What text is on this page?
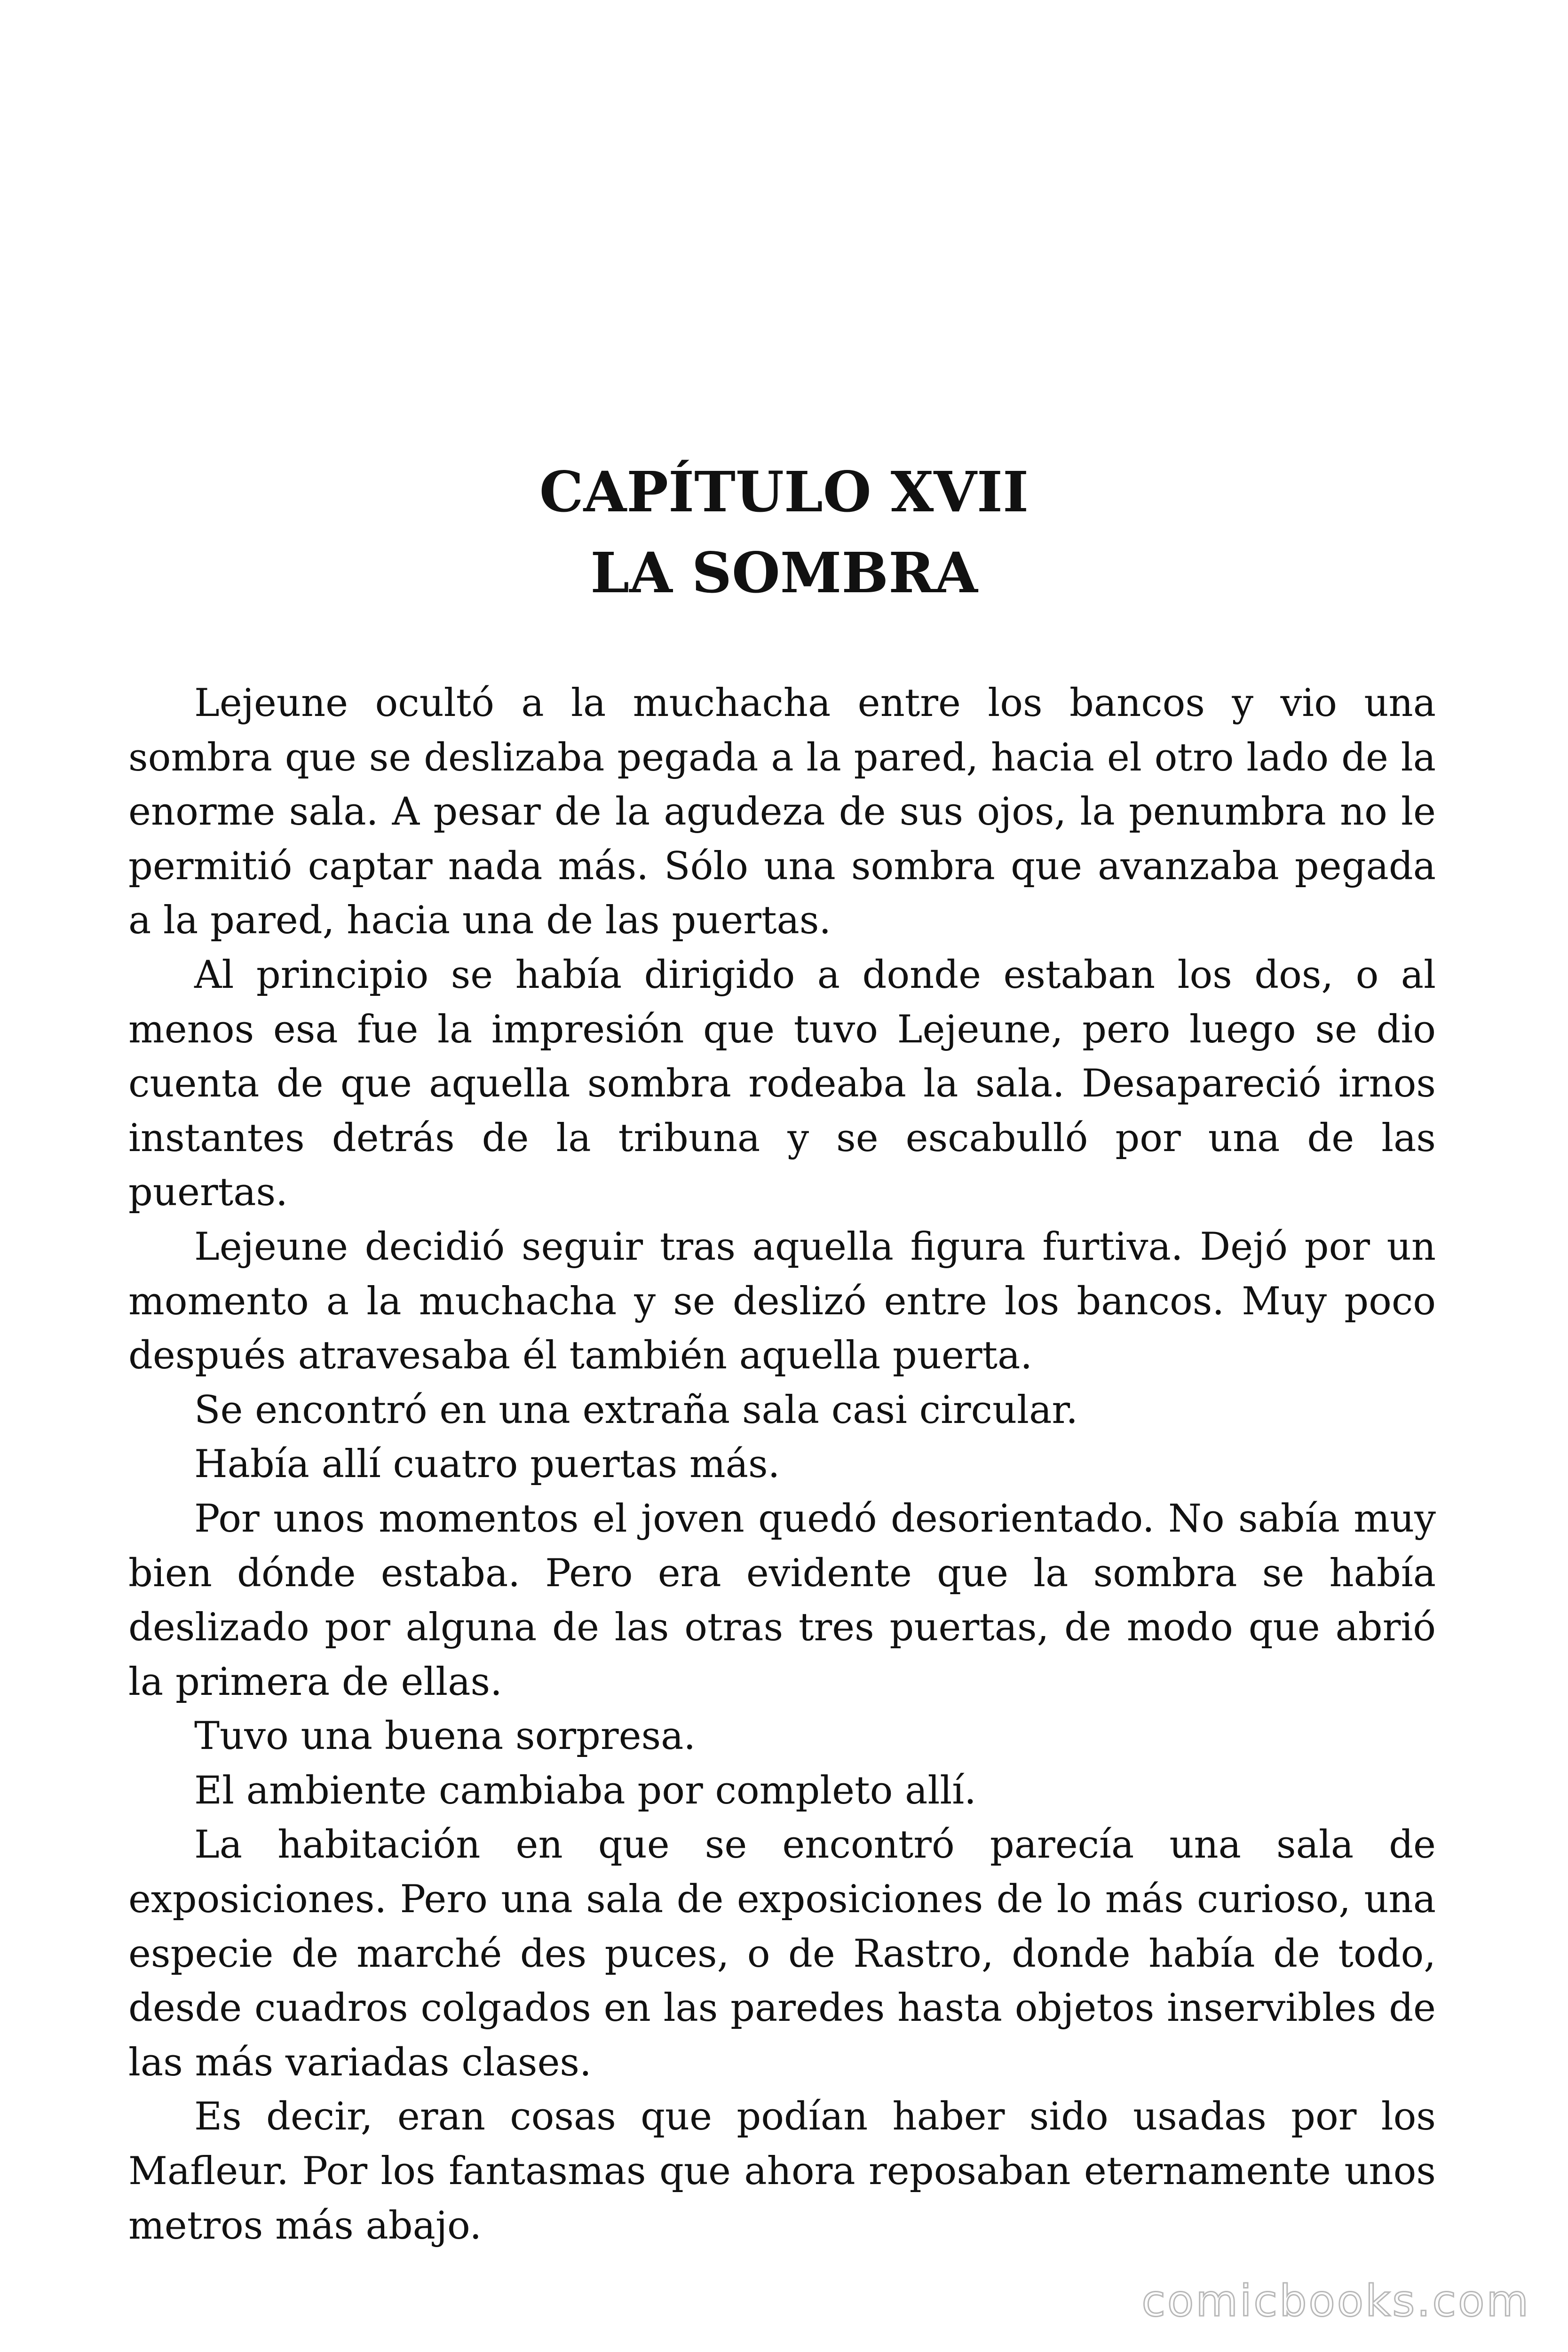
CAPÍTULO XVII
LA SOMBRA

Lejeune ocultó a la muchacha entre los bancos y vio una sombra que se deslizaba pegada a la pared, hacia el otro lado de la enorme sala. A pesar de la agudeza de sus ojos, la penumbra no le permitió captar nada más. Sólo una sombra que avanzaba pegada a la pared, hacia una de las puertas.

Al principio se había dirigido a donde estaban los dos, o al menos esa fue la impresión que tuvo Lejeune, pero luego se dio cuenta de que aquella sombra rodeaba la sala. Desapareció irnos instantes detrás de la tribuna y se escabulló por una de las puertas.

Lejeune decidió seguir tras aquella figura furtiva. Dejó por un momento a la muchacha y se deslizó entre los bancos. Muy poco después atravesaba él también aquella puerta.

Se encontró en una extraña sala casi circular.

Había allí cuatro puertas más.

Por unos momentos el joven quedó desorientado. No sabía muy bien dónde estaba. Pero era evidente que la sombra se había deslizado por alguna de las otras tres puertas, de modo que abrió la primera de ellas.

Tuvo una buena sorpresa.

El ambiente cambiaba por completo allí.

La habitación en que se encontró parecía una sala de exposiciones. Pero una sala de exposiciones de lo más curioso, una especie de marché des puces, o de Rastro, donde había de todo, desde cuadros colgados en las paredes hasta objetos inservibles de las más variadas clases.

Es decir, eran cosas que podían haber sido usadas por los Mafleur. Por los fantasmas que ahora reposaban eternamente unos metros más abajo.

comicbooks.com
